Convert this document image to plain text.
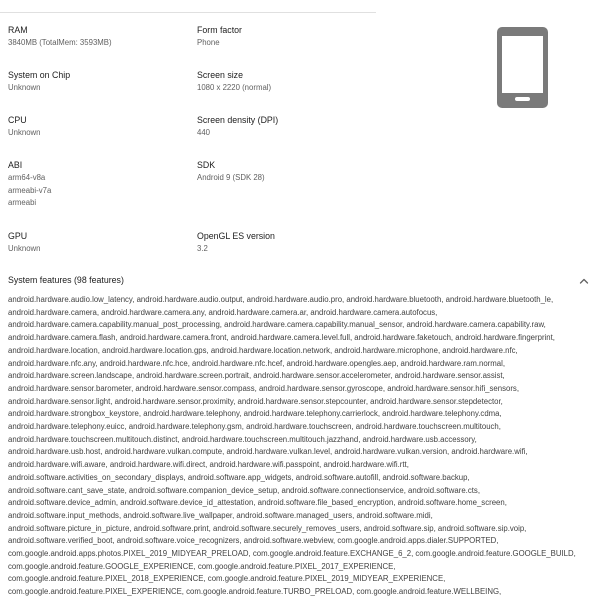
RAM
3840MB (TotalMem: 3593MB)
System on Chip
Unknown
CPU
Unknown
ABI
arm64-v8a
armeabi-v7a
armeabi
GPU
Unknown
Form factor
Phone
Screen size
1080 x 2220 (normal)
Screen density (DPI)
440
SDK
Android 9 (SDK 28)
OpenGL ES version
3.2
System features (98 features)
android.hardware.audio.low_latency, android.hardware.audio.output, android.hardware.audio.pro, android.hardware.bluetooth, android.hardware.bluetooth_le,
android.hardware.camera, android.hardware.camera.any, android.hardware.camera.ar, android.hardware.camera.autofocus,
android.hardware.camera.capability.manual_post_processing, android.hardware.camera.capability.manual_sensor, android.hardware.camera.capability.raw,
android.hardware.camera.flash, android.hardware.camera.front, android.hardware.camera.level.full, android.hardware.faketouch, android.hardware.fingerprint,
android.hardware.location, android.hardware.location.gps, android.hardware.location.network, android.hardware.microphone, android.hardware.nfc,
android.hardware.nfc.any, android.hardware.nfc.hce, android.hardware.nfc.hcef, android.hardware.opengles.aep, android.hardware.ram.normal,
android.hardware.screen.landscape, android.hardware.screen.portrait, android.hardware.sensor.accelerometer, android.hardware.sensor.assist,
android.hardware.sensor.barometer, android.hardware.sensor.compass, android.hardware.sensor.gyroscope, android.hardware.sensor.hifi_sensors,
android.hardware.sensor.light, android.hardware.sensor.proximity, android.hardware.sensor.stepcounter, android.hardware.sensor.stepdetector,
android.hardware.strongbox_keystore, android.hardware.telephony, android.hardware.telephony.carrierlock, android.hardware.telephony.cdma,
android.hardware.telephony.euicc, android.hardware.telephony.gsm, android.hardware.touchscreen, android.hardware.touchscreen.multitouch,
android.hardware.touchscreen.multitouch.distinct, android.hardware.touchscreen.multitouch.jazzhand, android.hardware.usb.accessory,
android.hardware.usb.host, android.hardware.vulkan.compute, android.hardware.vulkan.level, android.hardware.vulkan.version, android.hardware.wifi,
android.hardware.wifi.aware, android.hardware.wifi.direct, android.hardware.wifi.passpoint, android.hardware.wifi.rtt,
android.software.activities_on_secondary_displays, android.software.app_widgets, android.software.autofill, android.software.backup,
android.software.cant_save_state, android.software.companion_device_setup, android.software.connectionservice, android.software.cts,
android.software.device_admin, android.software.device_id_attestation, android.software.file_based_encryption, android.software.home_screen,
android.software.input_methods, android.software.live_wallpaper, android.software.managed_users, android.software.midi,
android.software.picture_in_picture, android.software.print, android.software.securely_removes_users, android.software.sip, android.software.sip.voip,
android.software.verified_boot, android.software.voice_recognizers, android.software.webview, com.google.android.apps.dialer.SUPPORTED,
com.google.android.apps.photos.PIXEL_2019_MIDYEAR_PRELOAD, com.google.android.feature.EXCHANGE_6_2, com.google.android.feature.GOOGLE_BUILD,
com.google.android.feature.GOOGLE_EXPERIENCE, com.google.android.feature.PIXEL_2017_EXPERIENCE,
com.google.android.feature.PIXEL_2018_EXPERIENCE, com.google.android.feature.PIXEL_2019_MIDYEAR_EXPERIENCE,
com.google.android.feature.PIXEL_EXPERIENCE, com.google.android.feature.TURBO_PRELOAD, com.google.android.feature.WELLBEING,
